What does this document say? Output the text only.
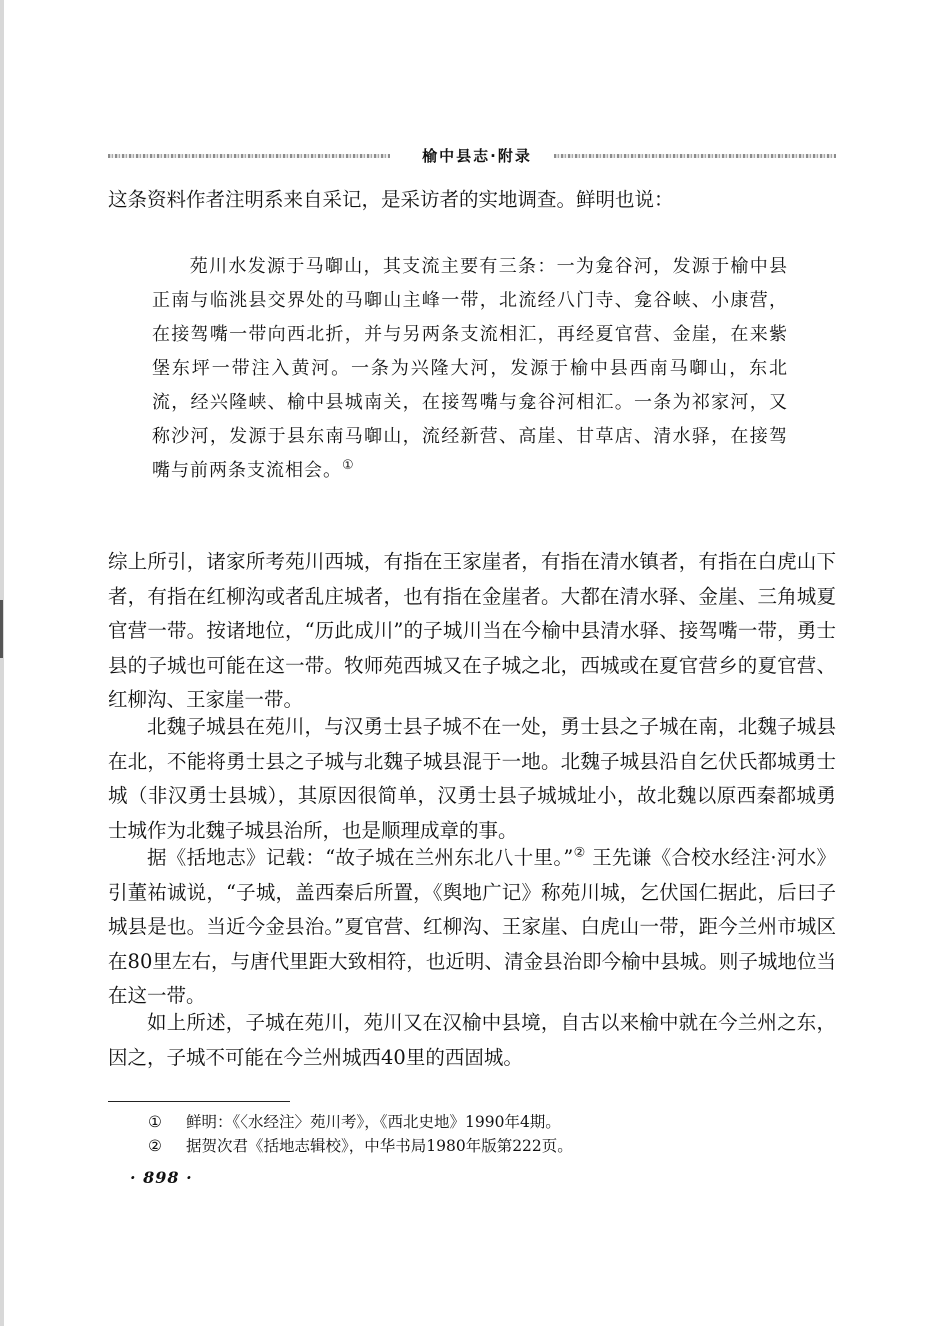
榆中县志·附录

这条资料作者注明系来自采记，是采访者的实地调查。鲜明也说：

苑川水发源于马啣山，其支流主要有三条：一为龛谷河，发源于榆中县正南与临洮县交界处的马啣山主峰一带，北流经八门寺、龛谷峡、小康营，在接驾嘴一带向西北折，并与另两条支流相汇，再经夏官营、金崖，在来紫堡东坪一带注入黄河。一条为兴隆大河，发源于榆中县西南马啣山，东北流，经兴隆峡、榆中县城南关，在接驾嘴与龛谷河相汇。一条为祁家河，又称沙河，发源于县东南马啣山，流经新营、高崖、甘草店、清水驿，在接驾嘴与前两条支流相会。①

综上所引，诸家所考苑川西城，有指在王家崖者，有指在清水镇者，有指在白虎山下者，有指在红柳沟或者乱庄城者，也有指在金崖者。大都在清水驿、金崖、三角城夏官营一带。按诸地位，“历此成川”的子城川当在今榆中县清水驿、接驾嘴一带，勇士县的子城也可能在这一带。牧师苑西城又在子城之北，西城或在夏官营乡的夏官营、红柳沟、王家崖一带。

北魏子城县在苑川，与汉勇士县子城不在一处，勇士县之子城在南，北魏子城县在北，不能将勇士县之子城与北魏子城县混于一地。北魏子城县沿自乞伏氏都城勇士城（非汉勇士县城），其原因很简单，汉勇士县子城城址小，故北魏以原西秦都城勇士城作为北魏子城县治所，也是顺理成章的事。

据《括地志》记载：“故子城在兰州东北八十里。”② 王先谦《合校水经注·河水》引董祐诚说，“子城，盖西秦后所置，《舆地广记》称苑川城，乞伏国仁据此，后曰子城县是也。当近今金县治。”夏官营、红柳沟、王家崖、白虎山一带，距今兰州市城区在80里左右，与唐代里距大致相符，也近明、清金县治即今榆中县城。则子城地位当在这一带。

如上所述，子城在苑川，苑川又在汉榆中县境，自古以来榆中就在今兰州之东，因之，子城不可能在今兰州城西40里的西固城。

① 鲜明：《〈水经注〉苑川考》，《西北史地》1990年4期。
② 据贺次君《括地志辑校》，中华书局1980年版第222页。
· 898 ·
